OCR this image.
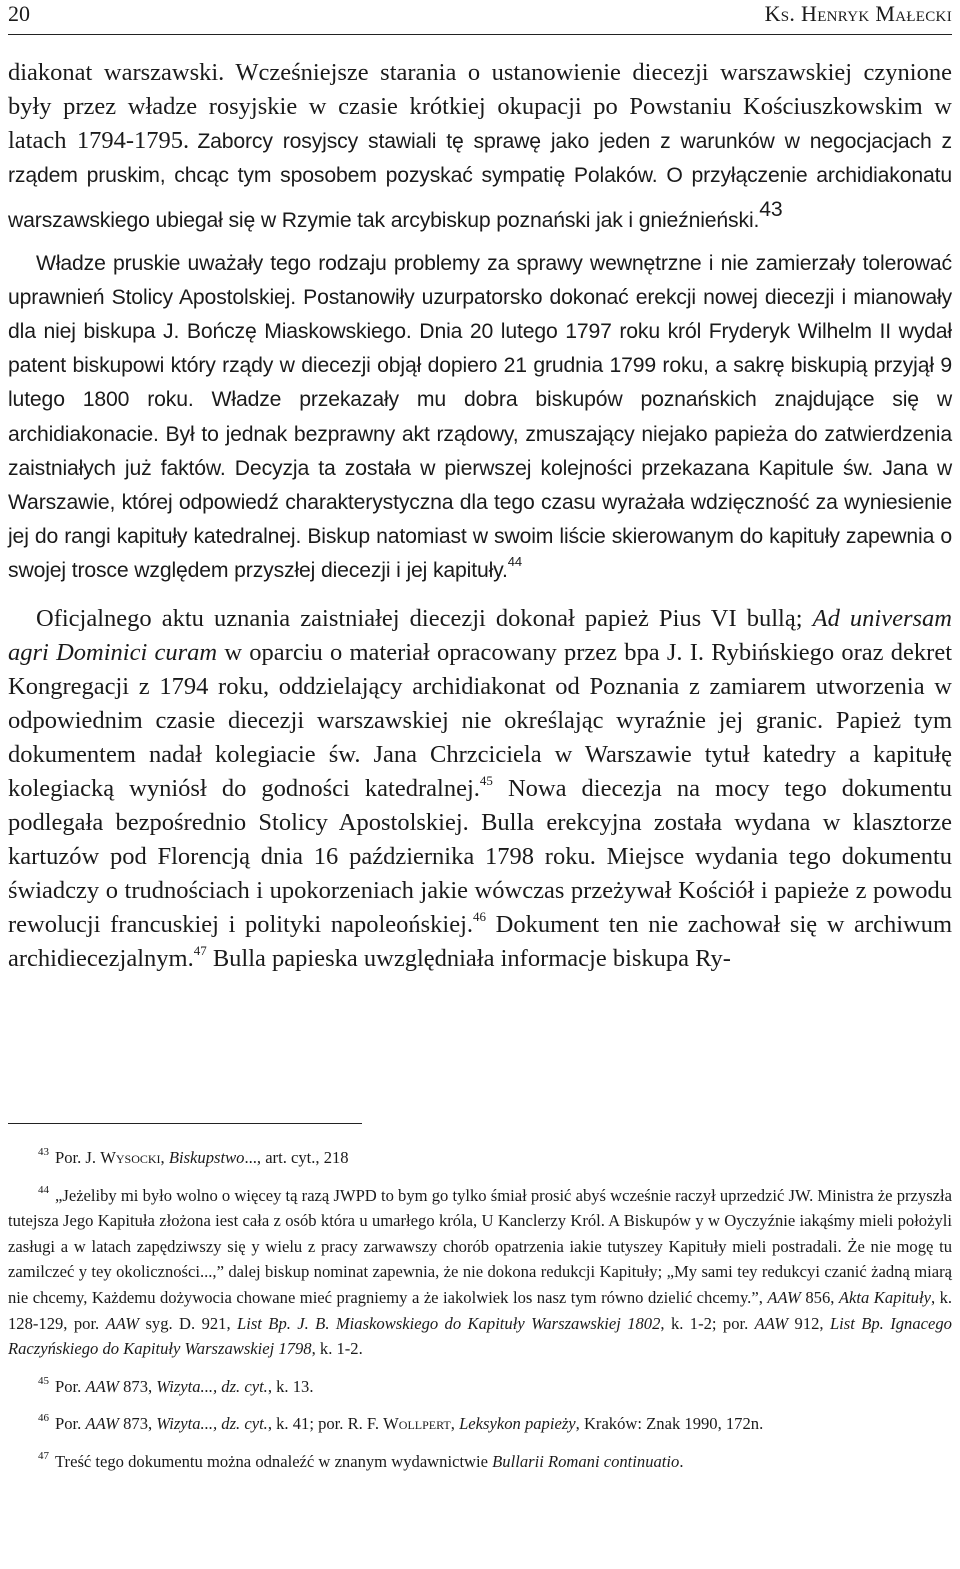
20	Ks. Henryk Małecki

diakonat warszawski. Wcześniejsze starania o ustanowienie diecezji warszawskiej czynione były przez władze rosyjskie w czasie krótkiej okupacji po Powstaniu Kościuszkowskim w latach 1794-1795. Zaborcy rosyjscy stawiali tę sprawę jako jeden z warunków w negocjacjach z rządem pruskim, chcąc tym sposobem pozyskać sympatię Polaków. O przyłączenie archidiakonatu warszawskiego ubiegał się w Rzymie tak arcybiskup poznański jak i gnieźnieński.$^{43}$

Władze pruskie uważały tego rodzaju problemy za sprawy wewnętrzne i nie zamierzały tolerować uprawnień Stolicy Apostolskiej. Postanowiły uzurpatorsko dokonać erekcji nowej diecezji i mianowały dla niej biskupa J. Bończę Miaskowskiego. Dnia 20 lutego 1797 roku król Fryderyk Wilhelm II wydał patent biskupowi który rządy w diecezji objął dopiero 21 grudnia 1799 roku, a sakrę biskupią przyjął 9 lutego 1800 roku. Władze przekazały mu dobra biskupów poznańskich znajdujące się w archidiakonacie. Był to jednak bezprawny akt rządowy, zmuszający niejako papieża do zatwierdzenia zaistniałych już faktów. Decyzja ta została w pierwszej kolejności przekazana Kapitule św. Jana w Warszawie, której odpowiedź charakterystyczna dla tego czasu wyrażała wdzięczność za wyniesienie jej do rangi kapituły katedralnej. Biskup natomiast w swoim liście skierowanym do kapituły zapewnia o swojej trosce względem przyszłej diecezji i jej kapituły.$^{44}$

Oficjalnego aktu uznania zaistniałej diecezji dokonał papież Pius VI bullą; Ad universam agri Dominici curam w oparciu o materiał opracowany przez bpa J. I. Rybińskiego oraz dekret Kongregacji z 1794 roku, oddzielający archidiakonat od Poznania z zamiarem utworzenia w odpowiednim czasie diecezji warszawskiej nie określając wyraźnie jej granic. Papież tym dokumentem nadał kolegiacie św. Jana Chrzciciela w Warszawie tytuł katedry a kapitułę kolegiacką wyniósł do godności katedralnej.$^{45}$ Nowa diecezja na mocy tego dokumentu podlegała bezpośrednio Stolicy Apostolskiej. Bulla erekcyjna została wydana w klasztorze kartuzów pod Florencją dnia 16 października 1798 roku. Miejsce wydania tego dokumentu świadczy o trudnościach i upokorzeniach jakie wówczas przeżywał Kościół i papieże z powodu rewolucji francuskiej i polityki napoleońskiej.$^{46}$ Dokument ten nie zachował się w archiwum archidiecezjalnym.$^{47}$ Bulla papieska uwzględniała informacje biskupa Ry-

$^{43}$ Por. J. Wysocki, Biskupstwo..., art. cyt., 218

$^{44}$ „Jeżeliby mi było wolno o więcey tą razą JWPD to bym go tylko śmiał prosić abyś wcześnie raczył uprzedzić JW. Ministra że przyszła tutejsza Jego Kapituła złożona iest cała z osób która u umarłego króla, U Kanclerzy Król. A Biskupów y w Oyczyźnie iakąśmy mieli położyli zasługi a w latach zapędziwszy się y wielu z pracy zarwawszy chorób opatrzenia iakie tutyszey Kapituły mieli postradali. Że nie mogę tu zamilczeć y tey okoliczności...,” dalej biskup nominat zapewnia, że nie dokona redukcji Kapituły; „My sami tey redukcyi czanić żadną miarą nie chcemy, Każdemu dożywocia chowane mieć pragniemy a że iakolwiek los nasz tym równo dzielić chcemy.”, AAW 856, Akta Kapituły, k. 128-129, por. AAW syg. D. 921, List Bp. J. B. Miaskowskiego do Kapituły Warszawskiej 1802, k. 1-2; por. AAW 912, List Bp. Ignacego Raczyńskiego do Kapituły Warszawskiej 1798, k. 1-2.

$^{45}$ Por. AAW 873, Wizyta..., dz. cyt., k. 13.

$^{46}$ Por. AAW 873, Wizyta..., dz. cyt., k. 41; por. R. F. Wollpert, Leksykon papieży, Kraków: Znak 1990, 172n.

$^{47}$ Treść tego dokumentu można odnaleźć w znanym wydawnictwie Bullarii Romani continuatio.
